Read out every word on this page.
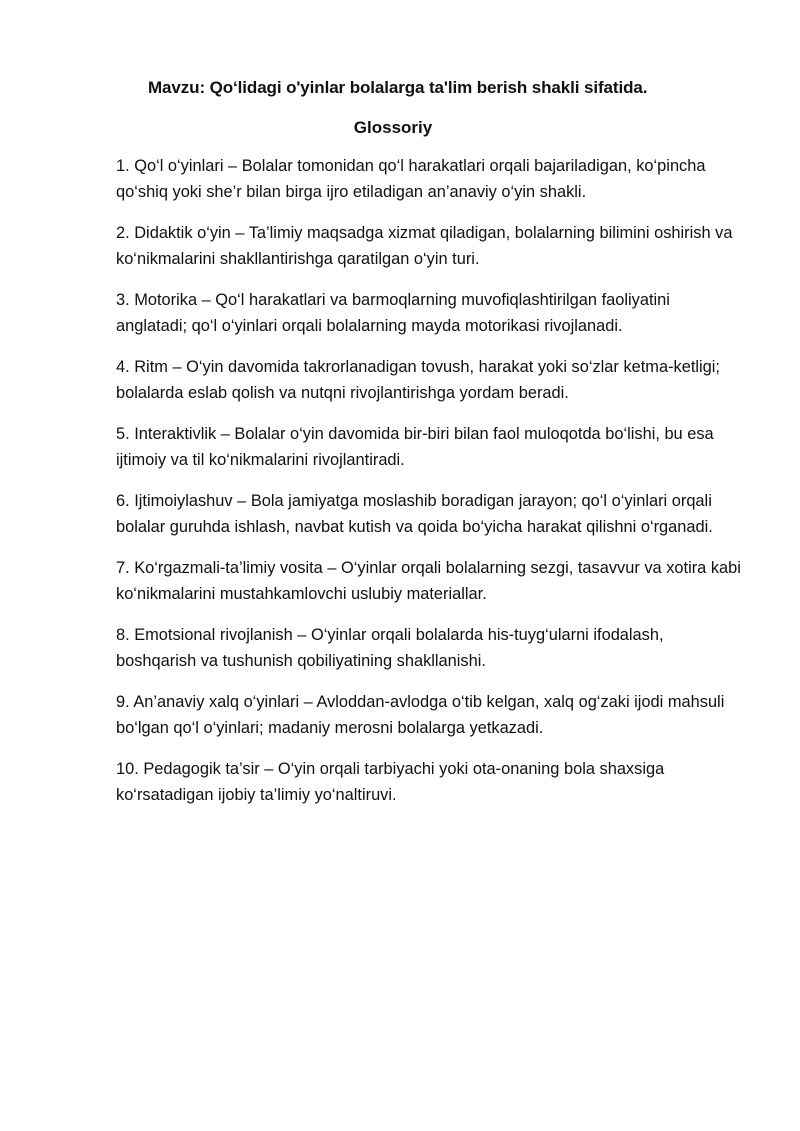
Mavzu: Qo‘lidagi o'yinlar bolalarga ta'lim berish shakli sifatida.
Glossoriy
1. Qo‘l o‘yinlari – Bolalar tomonidan qo‘l harakatlari orqali bajariladigan, ko‘pincha qo‘shiq yoki she’r bilan birga ijro etiladigan an’anaviy o‘yin shakli.
2. Didaktik o‘yin – Ta’limiy maqsadga xizmat qiladigan, bolalarning bilimini oshirish va ko‘nikmalarini shakllantirishga qaratilgan o‘yin turi.
3. Motorika – Qo‘l harakatlari va barmoqlarning muvofiqlashtirilgan faoliyatini anglatadi; qo‘l o‘yinlari orqali bolalarning mayda motorikasi rivojlanadi.
4. Ritm – O‘yin davomida takrorlanadigan tovush, harakat yoki so‘zlar ketma-ketligi; bolalarda eslab qolish va nutqni rivojlantirishga yordam beradi.
5. Interaktivlik – Bolalar o‘yin davomida bir-biri bilan faol muloqotda bo‘lishi, bu esa ijtimoiy va til ko‘nikmalarini rivojlantiradi.
6. Ijtimoiylashuv – Bola jamiyatga moslashib boradigan jarayon; qo‘l o‘yinlari orqali bolalar guruhda ishlash, navbat kutish va qoida bo‘yicha harakat qilishni o‘rganadi.
7. Ko‘rgazmali-ta’limiy vosita – O‘yinlar orqali bolalarning sezgi, tasavvur va xotira kabi ko‘nikmalarini mustahkamlovchi uslubiy materiallar.
8. Emotsional rivojlanish – O‘yinlar orqali bolalarda his-tuyg‘ularni ifodalash, boshqarish va tushunish qobiliyatining shakllanishi.
9. An’anaviy xalq o‘yinlari – Avloddan-avlodga o‘tib kelgan, xalq og‘zaki ijodi mahsuli bo‘lgan qo‘l o‘yinlari; madaniy merosni bolalarga yetkazadi.
10. Pedagogik ta’sir – O‘yin orqali tarbiyachi yoki ota-onaning bola shaxsiga ko‘rsatadigan ijobiy ta’limiy yo‘naltiruvi.
